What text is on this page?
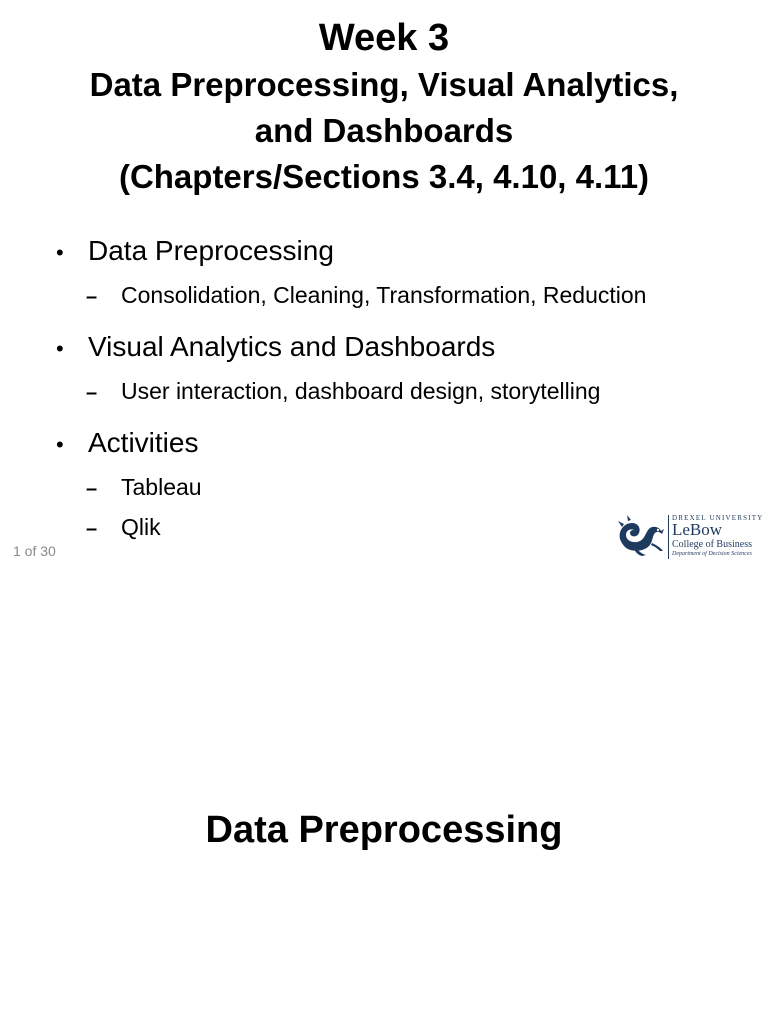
Week 3
Data Preprocessing, Visual Analytics,
and Dashboards
(Chapters/Sections 3.4, 4.10, 4.11)
• Data Preprocessing
–	Consolidation, Cleaning, Transformation, Reduction
• Visual Analytics and Dashboards
–	User interaction, dashboard design, storytelling
• Activities
–	Tableau
–	Qlik
1 of 30
DREXEL UNIVERSITY
LeBow
College of Business
Department of Decision Sciences
Data Preprocessing
